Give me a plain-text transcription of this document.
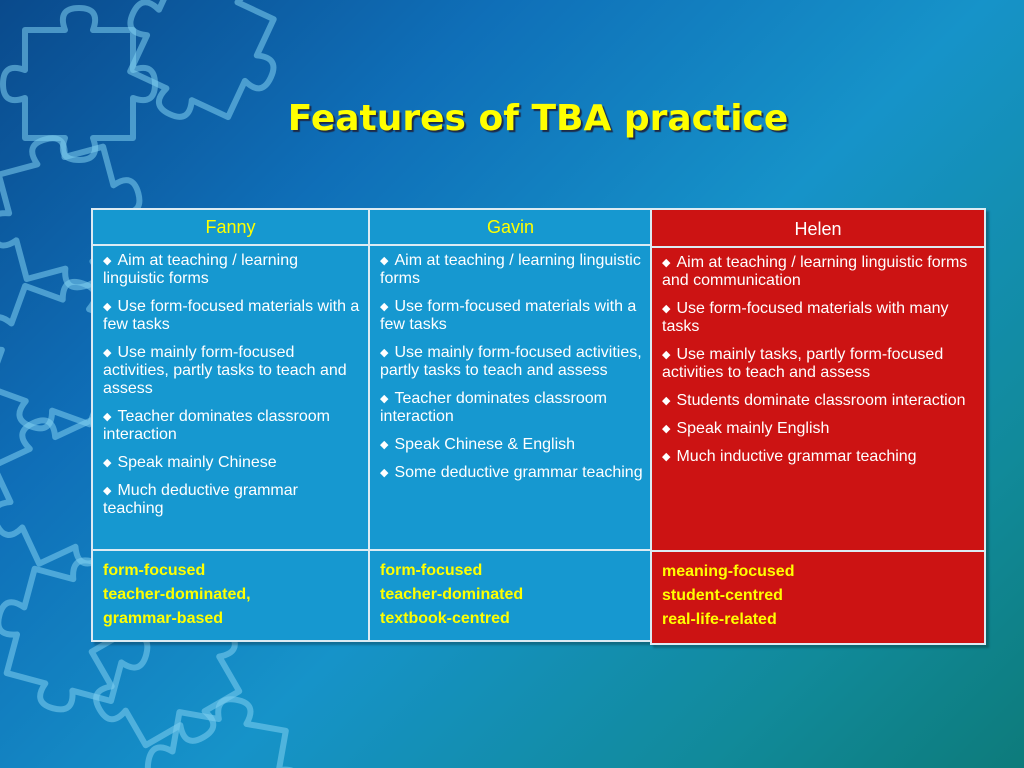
Features of TBA practice
Fanny
◆ Aim at teaching / learning linguistic forms
◆ Use form-focused materials with a few tasks
◆ Use mainly form-focused activities, partly tasks to teach and assess
◆ Teacher dominates classroom interaction
◆ Speak mainly Chinese
◆ Much deductive grammar teaching
form-focused
teacher-dominated,
grammar-based
Gavin
◆ Aim at teaching / learning linguistic forms
◆ Use form-focused materials with a few tasks
◆ Use mainly form-focused activities, partly tasks to teach and assess
◆ Teacher dominates classroom interaction
◆ Speak Chinese & English
◆ Some deductive grammar teaching
form-focused
teacher-dominated
textbook-centred
Helen
◆ Aim at teaching / learning linguistic forms and communication
◆ Use form-focused materials with many tasks
◆ Use mainly tasks, partly form-focused activities to teach and assess
◆ Students dominate classroom interaction
◆ Speak mainly English
◆ Much inductive grammar teaching
meaning-focused
student-centred
real-life-related
